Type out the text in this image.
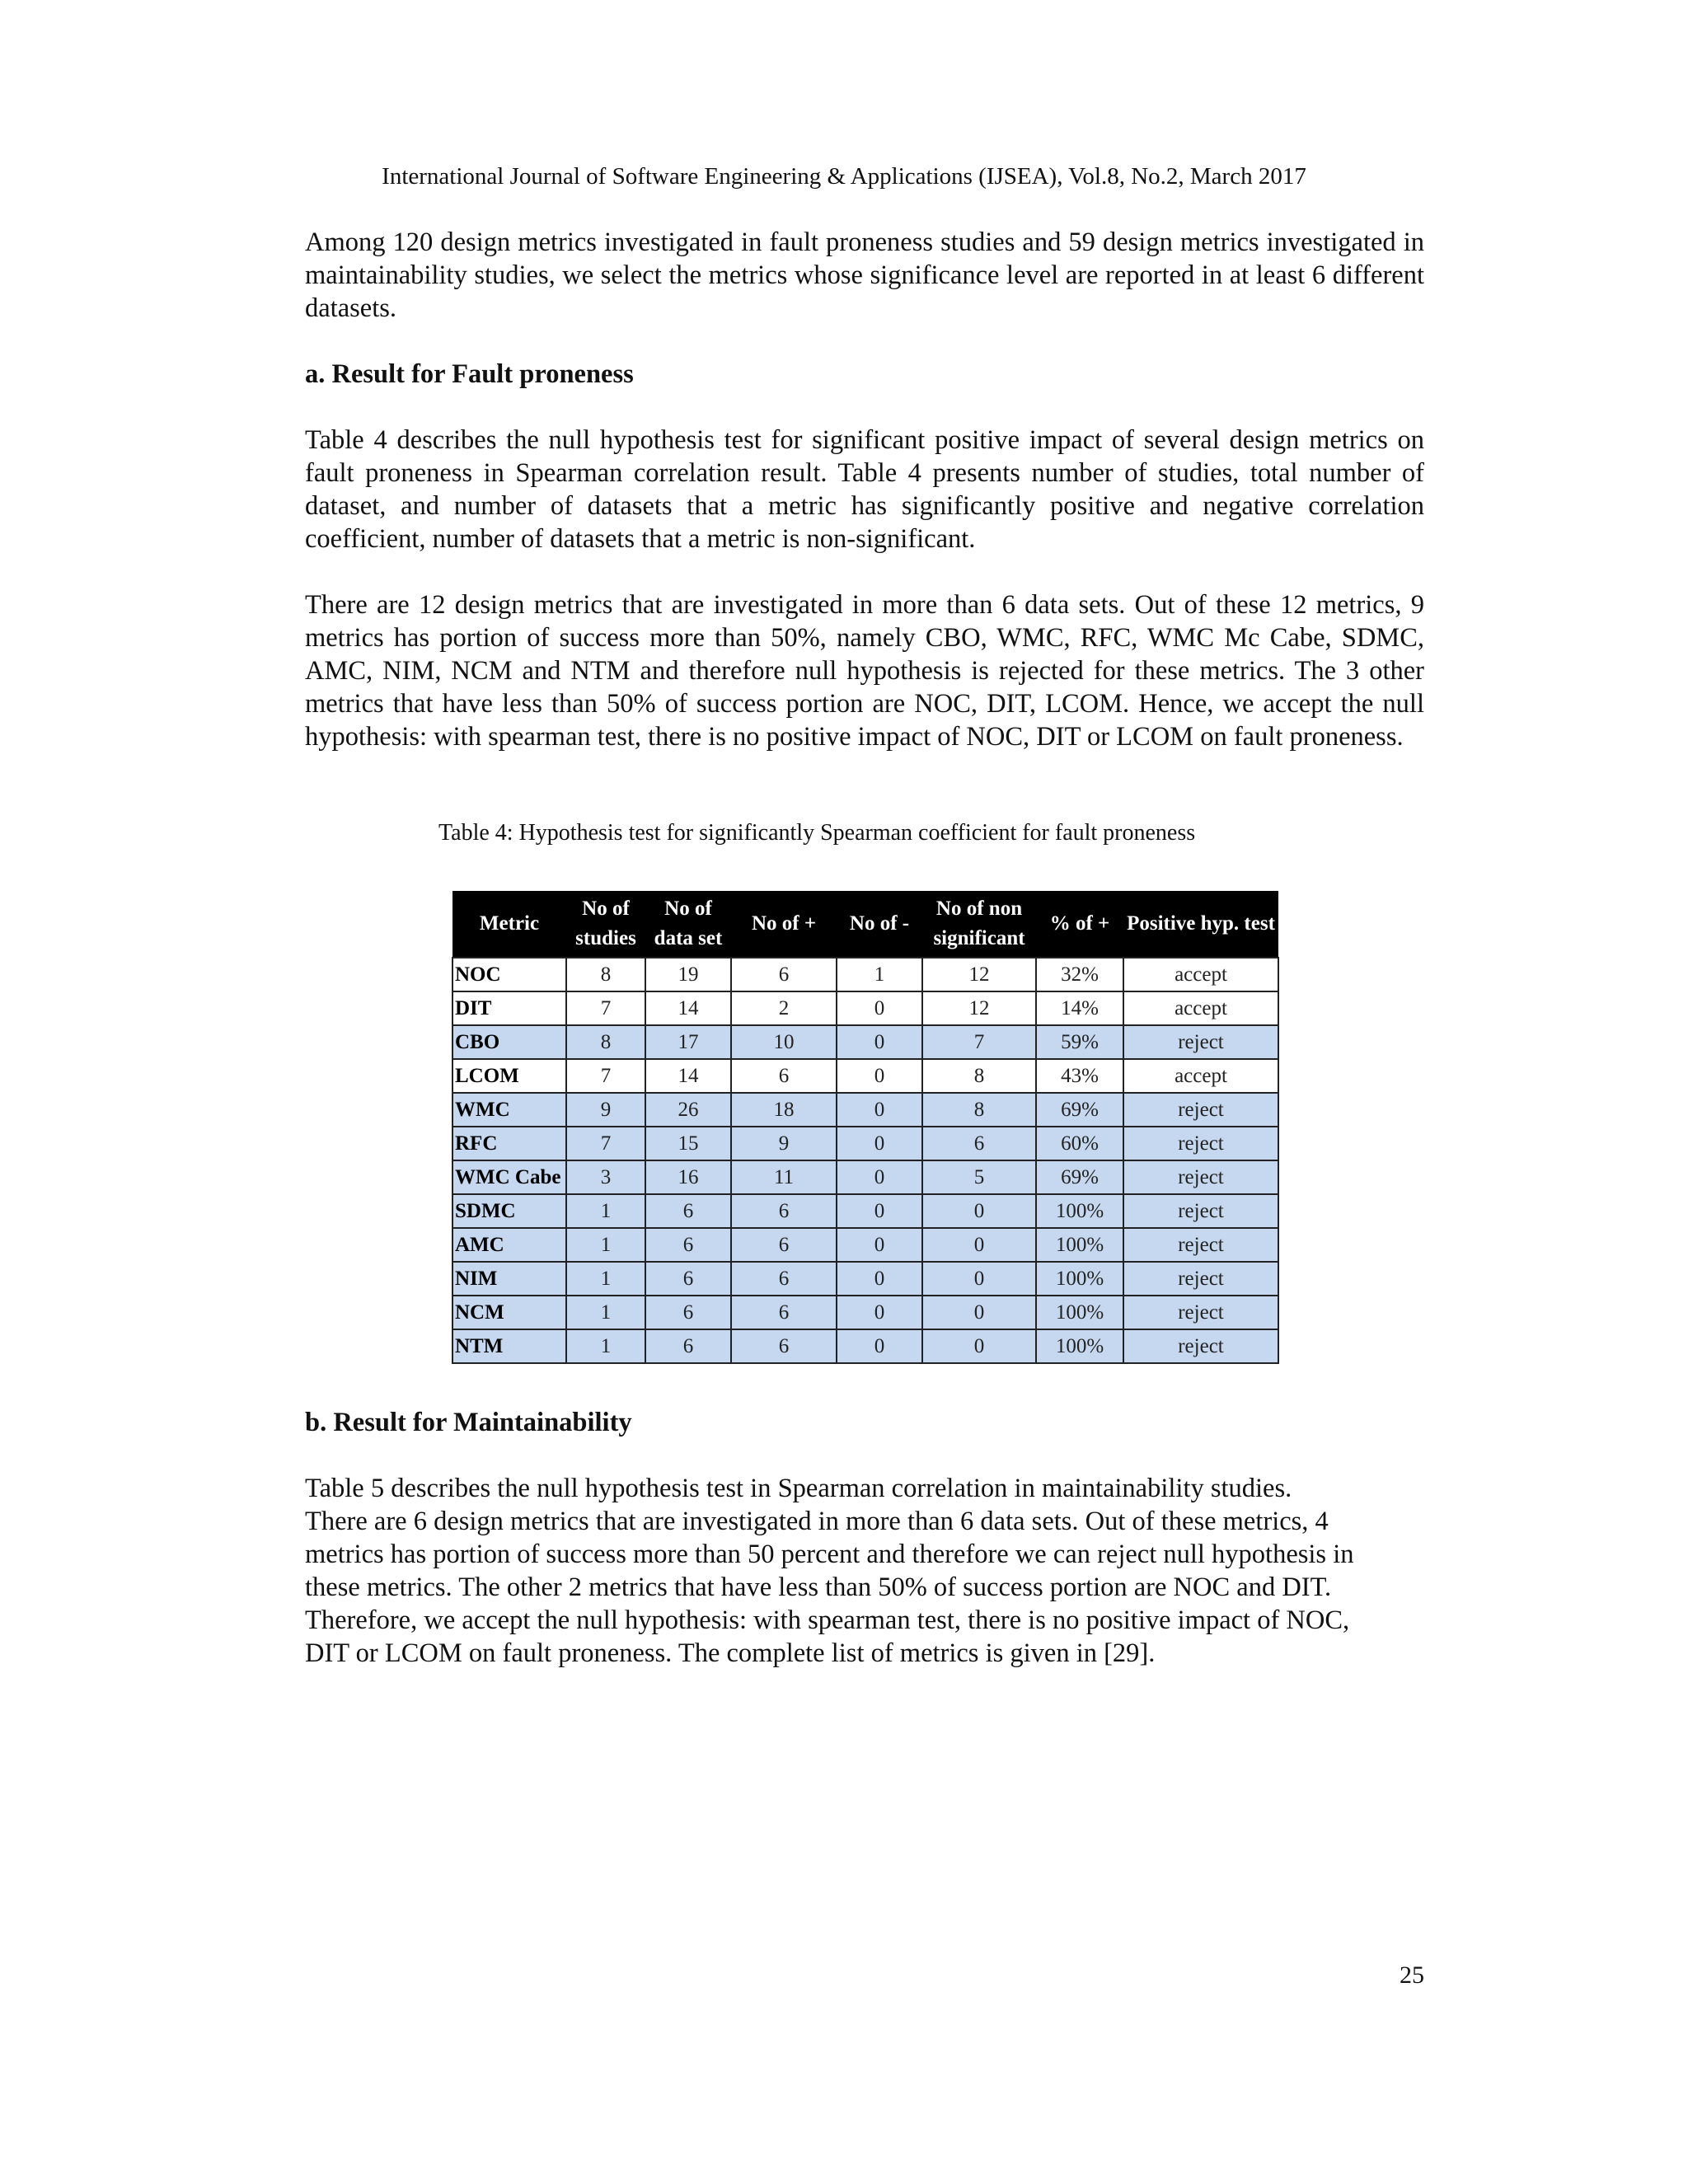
International Journal of Software Engineering & Applications (IJSEA), Vol.8, No.2, March 2017

Among 120 design metrics investigated in fault proneness studies and 59 design metrics investigated in maintainability studies, we select the metrics whose significance level are reported in at least 6 different datasets.

a. Result for Fault proneness

Table 4 describes the null hypothesis test for significant positive impact of several design metrics on fault proneness in Spearman correlation result. Table 4 presents number of studies, total number of dataset, and number of datasets that a metric has significantly positive and negative correlation coefficient, number of datasets that a metric is non-significant.

There are 12 design metrics that are investigated in more than 6 data sets. Out of these 12 metrics, 9 metrics has portion of success more than 50%, namely CBO, WMC, RFC, WMC Mc Cabe, SDMC, AMC, NIM, NCM and NTM and therefore null hypothesis is rejected for these metrics. The 3 other metrics that have less than 50% of success portion are NOC, DIT, LCOM. Hence, we accept the null hypothesis: with spearman test, there is no positive impact of NOC, DIT or LCOM on fault proneness.

Table 4: Hypothesis test for significantly Spearman coefficient for fault proneness
Metric	No of studies	No of data set	No of +	No of -	No of non significant	% of +	Positive hyp. test
NOC	8	19	6	1	12	32%	accept
DIT	7	14	2	0	12	14%	accept
CBO	8	17	10	0	7	59%	reject
LCOM	7	14	6	0	8	43%	accept
WMC	9	26	18	0	8	69%	reject
RFC	7	15	9	0	6	60%	reject
WMC Cabe	3	16	11	0	5	69%	reject
SDMC	1	6	6	0	0	100%	reject
AMC	1	6	6	0	0	100%	reject
NIM	1	6	6	0	0	100%	reject
NCM	1	6	6	0	0	100%	reject
NTM	1	6	6	0	0	100%	reject

b. Result for Maintainability

Table 5 describes the null hypothesis test in Spearman correlation in maintainability studies.
There are 6 design metrics that are investigated in more than 6 data sets. Out of these metrics, 4
metrics has portion of success more than 50 percent and therefore we can reject null hypothesis in
these metrics. The other 2 metrics that have less than 50% of success portion are NOC and DIT.
Therefore, we accept the null hypothesis: with spearman test, there is no positive impact of NOC,
DIT or LCOM on fault proneness. The complete list of metrics is given in [29].
25
